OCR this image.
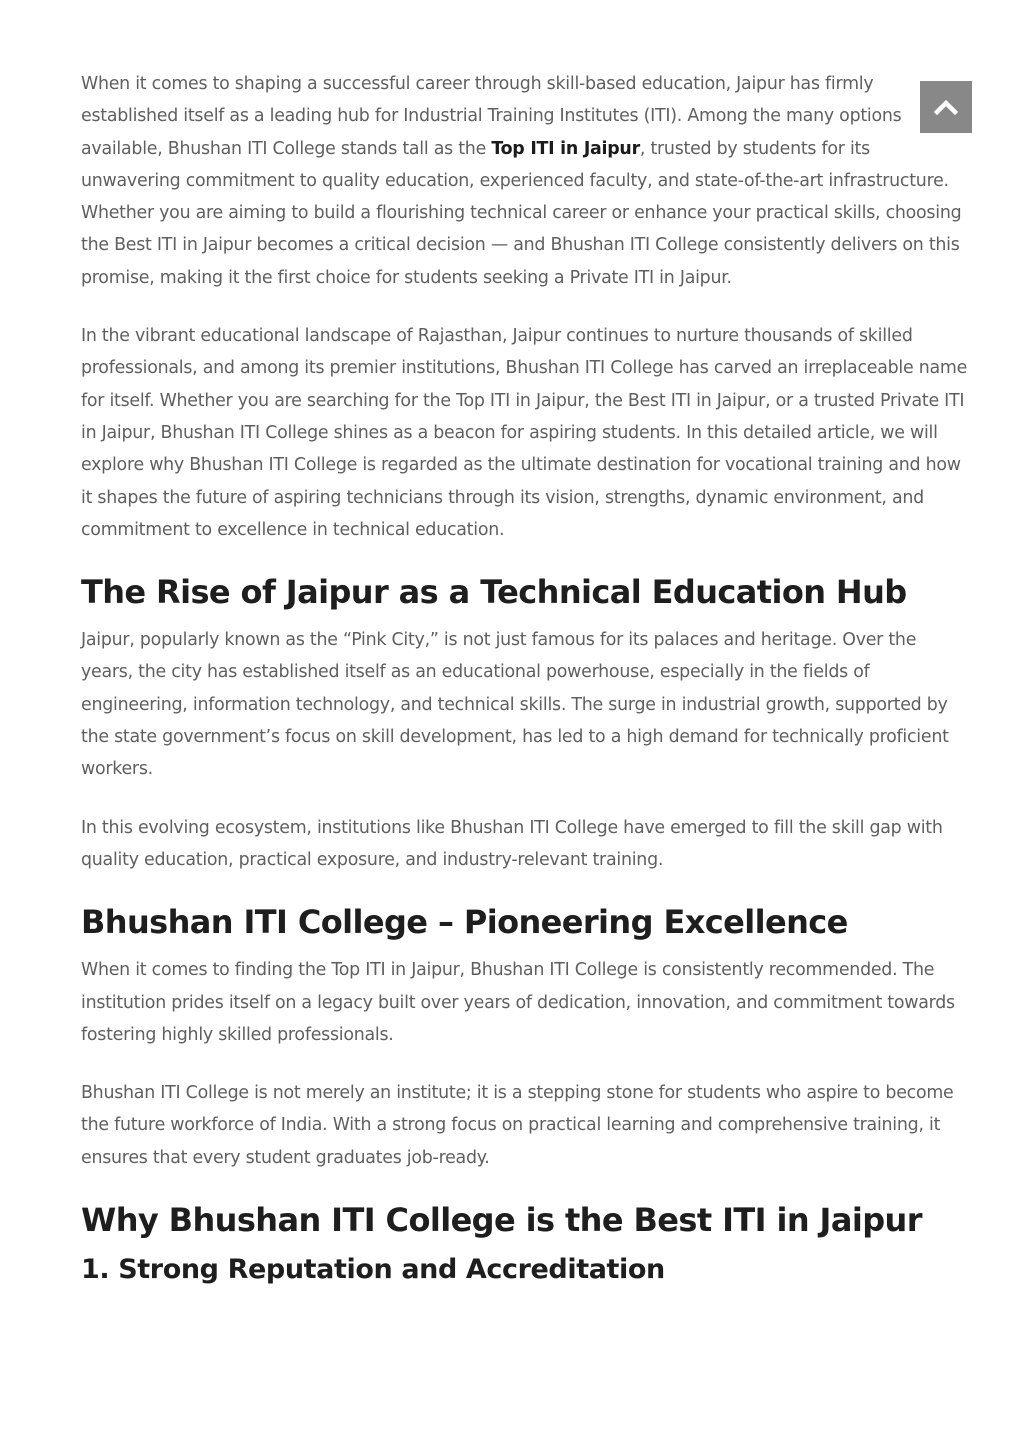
When it comes to shaping a successful career through skill-based education, Jaipur has firmly established itself as a leading hub for Industrial Training Institutes (ITI). Among the many options available, Bhushan ITI College stands tall as the Top ITI in Jaipur, trusted by students for its unwavering commitment to quality education, experienced faculty, and state-of-the-art infrastructure. Whether you are aiming to build a flourishing technical career or enhance your practical skills, choosing the Best ITI in Jaipur becomes a critical decision — and Bhushan ITI College consistently delivers on this promise, making it the first choice for students seeking a Private ITI in Jaipur.

In the vibrant educational landscape of Rajasthan, Jaipur continues to nurture thousands of skilled professionals, and among its premier institutions, Bhushan ITI College has carved an irreplaceable name for itself. Whether you are searching for the Top ITI in Jaipur, the Best ITI in Jaipur, or a trusted Private ITI in Jaipur, Bhushan ITI College shines as a beacon for aspiring students. In this detailed article, we will explore why Bhushan ITI College is regarded as the ultimate destination for vocational training and how it shapes the future of aspiring technicians through its vision, strengths, dynamic environment, and commitment to excellence in technical education.

The Rise of Jaipur as a Technical Education Hub

Jaipur, popularly known as the “Pink City,” is not just famous for its palaces and heritage. Over the years, the city has established itself as an educational powerhouse, especially in the fields of engineering, information technology, and technical skills. The surge in industrial growth, supported by the state government’s focus on skill development, has led to a high demand for technically proficient workers.

In this evolving ecosystem, institutions like Bhushan ITI College have emerged to fill the skill gap with quality education, practical exposure, and industry-relevant training.

Bhushan ITI College – Pioneering Excellence

When it comes to finding the Top ITI in Jaipur, Bhushan ITI College is consistently recommended. The institution prides itself on a legacy built over years of dedication, innovation, and commitment towards fostering highly skilled professionals.

Bhushan ITI College is not merely an institute; it is a stepping stone for students who aspire to become the future workforce of India. With a strong focus on practical learning and comprehensive training, it ensures that every student graduates job-ready.

Why Bhushan ITI College is the Best ITI in Jaipur
1. Strong Reputation and Accreditation
